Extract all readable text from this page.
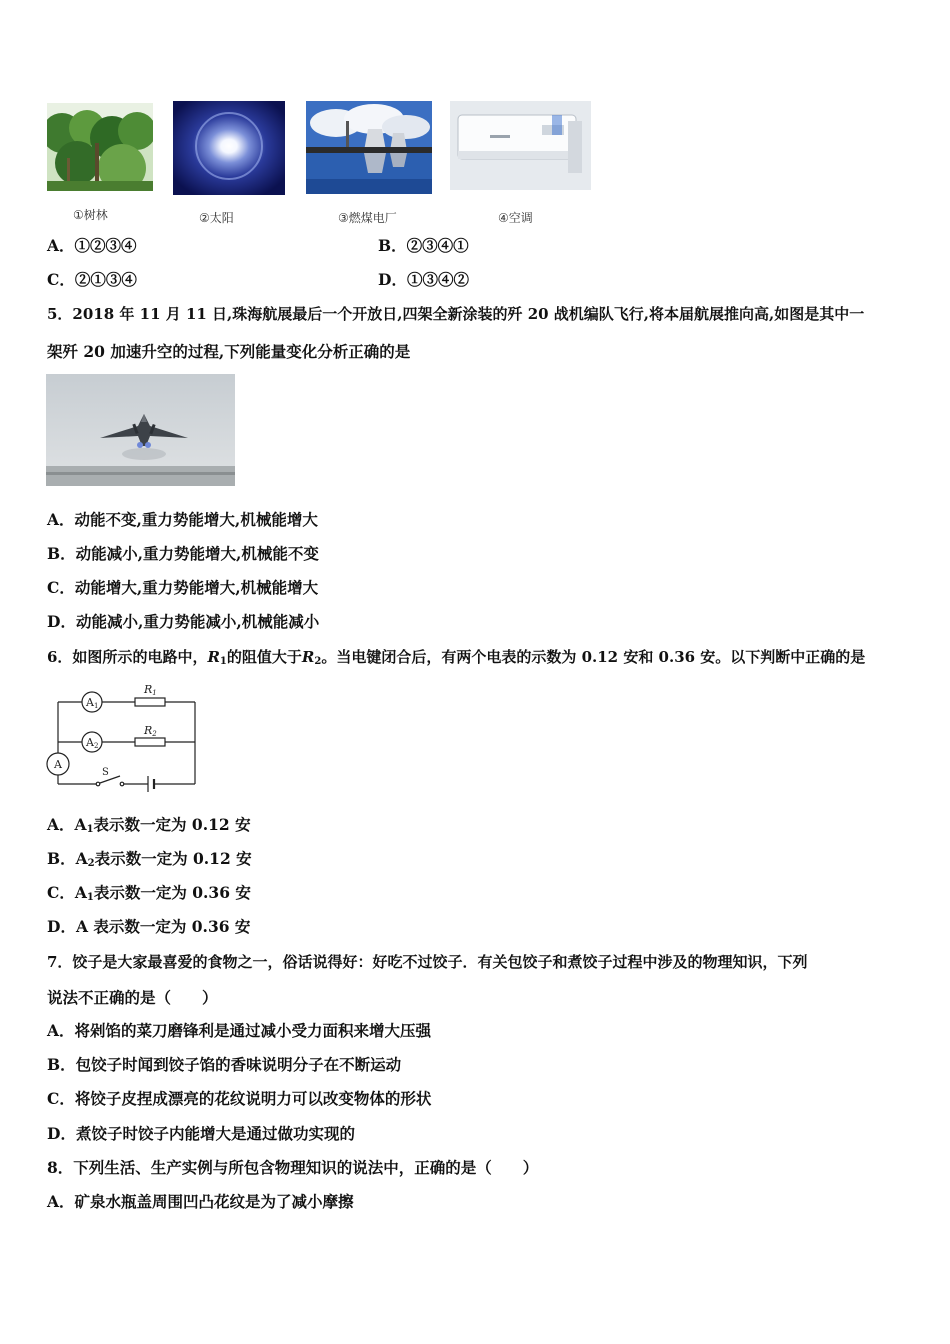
①树林	②太阳	③燃煤电厂	④空调
A．①②③④	B．②③④①
C．②①③④	D．①③④②
5．2018 年 11 月 11 日,珠海航展最后一个开放日,四架全新涂装的歼 20 战机编队飞行,将本届航展推向高,如图是其中一
架歼 20 加速升空的过程,下列能量变化分析正确的是
A．动能不变,重力势能增大,机械能增大
B．动能减小,重力势能增大,机械能不变
C．动能增大,重力势能增大,机械能增大
D．动能减小,重力势能减小,机械能减小
6．如图所示的电路中，$R_1$的阻值大于$R_2$。当电键闭合后，有两个电表的示数为 0.12 安和 0.36 安。以下判断中正确的是
A1
A2
A
R1
R2
S
A．$A_1$表示数一定为 0.12 安
B．$A_2$表示数一定为 0.12 安
C．$A_1$表示数一定为 0.36 安
D．A 表示数一定为 0.36 安
7．饺子是大家最喜爱的食物之一，俗话说得好：好吃不过饺子．有关包饺子和煮饺子过程中涉及的物理知识，下列
说法不正确的是（　　）
A．将剁馅的菜刀磨锋利是通过减小受力面积来增大压强
B．包饺子时闻到饺子馅的香味说明分子在不断运动
C．将饺子皮捏成漂亮的花纹说明力可以改变物体的形状
D．煮饺子时饺子内能增大是通过做功实现的
8．下列生活、生产实例与所包含物理知识的说法中，正确的是（　　）
A．矿泉水瓶盖周围凹凸花纹是为了减小摩擦
